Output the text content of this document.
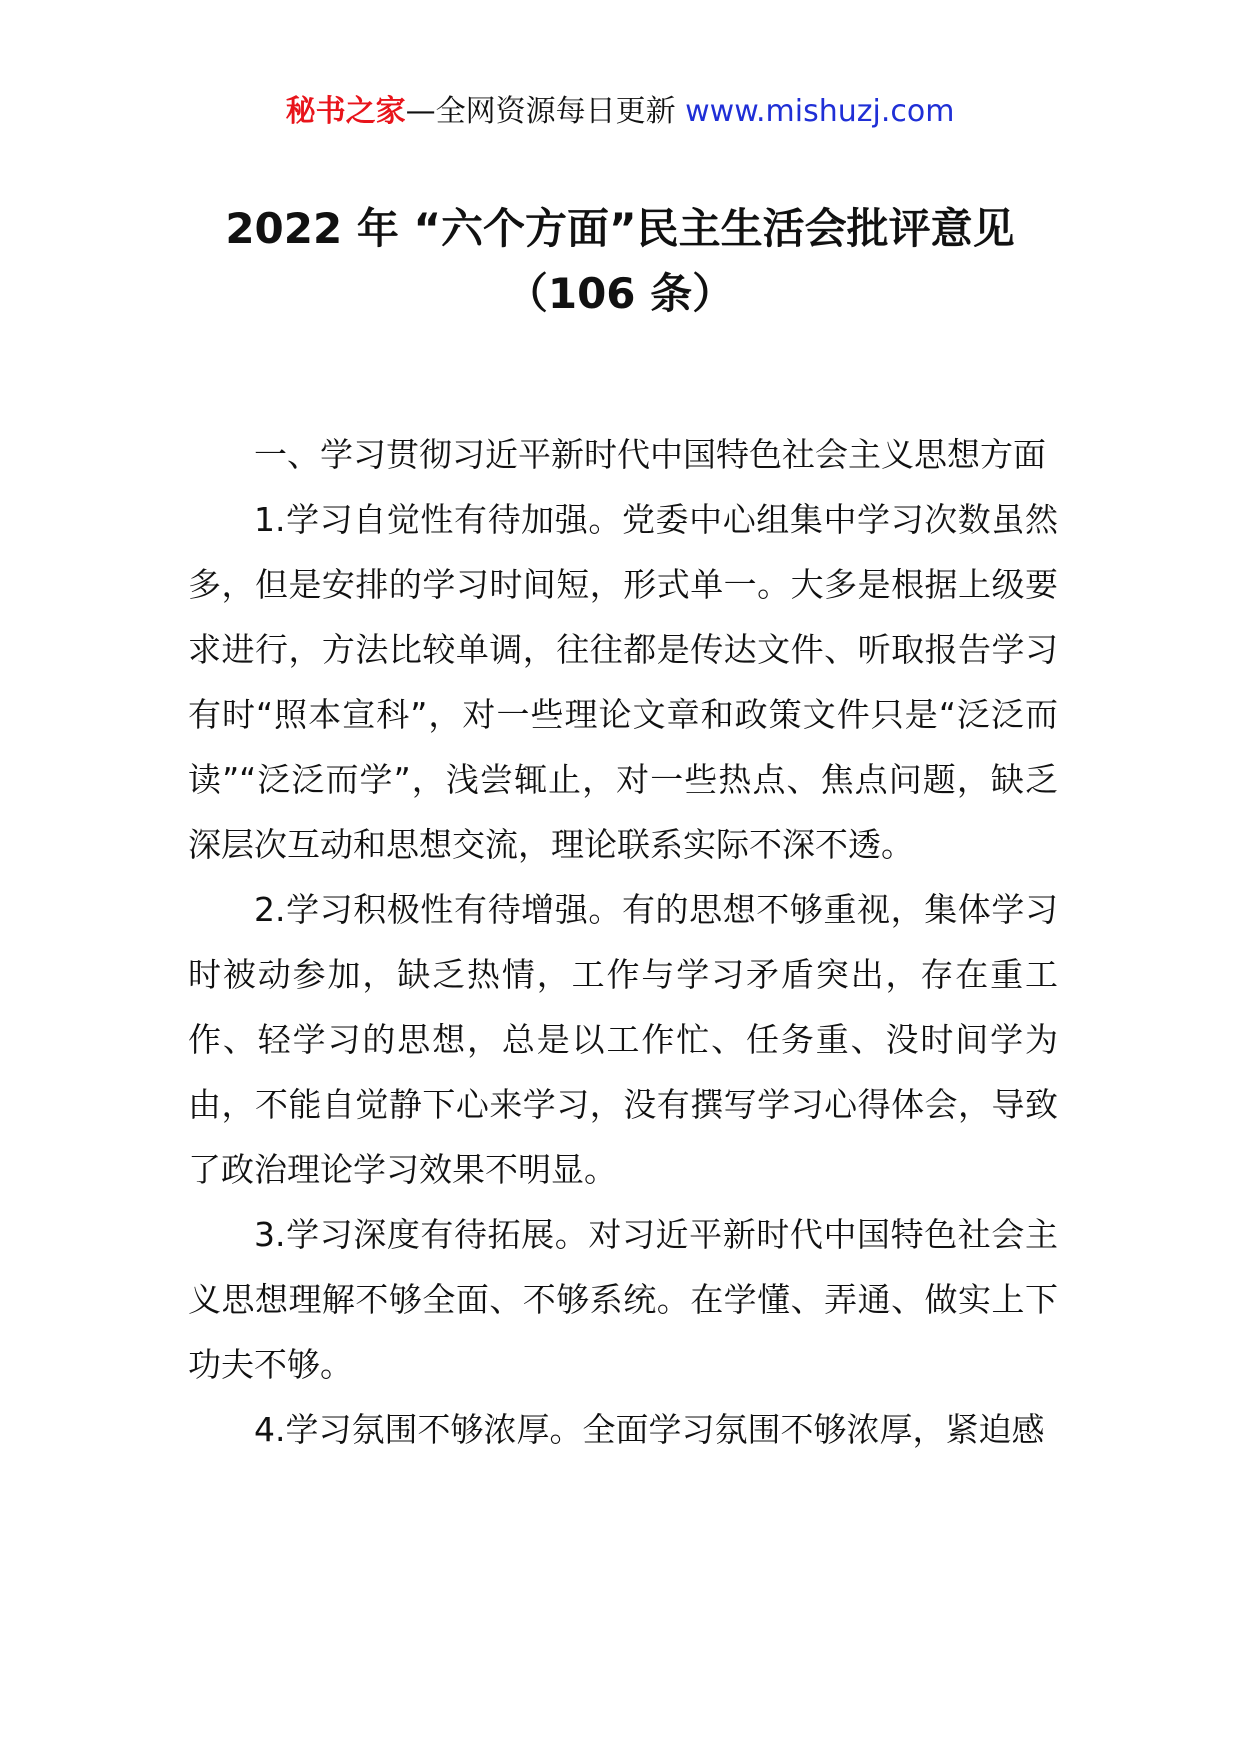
秘书之家—全网资源每日更新 www.mishuzj.com
2022 年 “六个方面”民主生活会批评意见
（106 条）

一、学习贯彻习近平新时代中国特色社会主义思想方面

1.学习自觉性有待加强。党委中心组集中学习次数虽然多，但是安排的学习时间短，形式单一。大多是根据上级要求进行，方法比较单调，往往都是传达文件、听取报告学习有时“照本宣科”，对一些理论文章和政策文件只是“泛泛而读”“泛泛而学”，浅尝辄止，对一些热点、焦点问题，缺乏深层次互动和思想交流，理论联系实际不深不透。

2.学习积极性有待增强。有的思想不够重视，集体学习时被动参加，缺乏热情，工作与学习矛盾突出，存在重工作、轻学习的思想，总是以工作忙、任务重、没时间学为由，不能自觉静下心来学习，没有撰写学习心得体会，导致了政治理论学习效果不明显。

3.学习深度有待拓展。对习近平新时代中国特色社会主义思想理解不够全面、不够系统。在学懂、弄通、做实上下功夫不够。

4.学习氛围不够浓厚。全面学习氛围不够浓厚，紧迫感
